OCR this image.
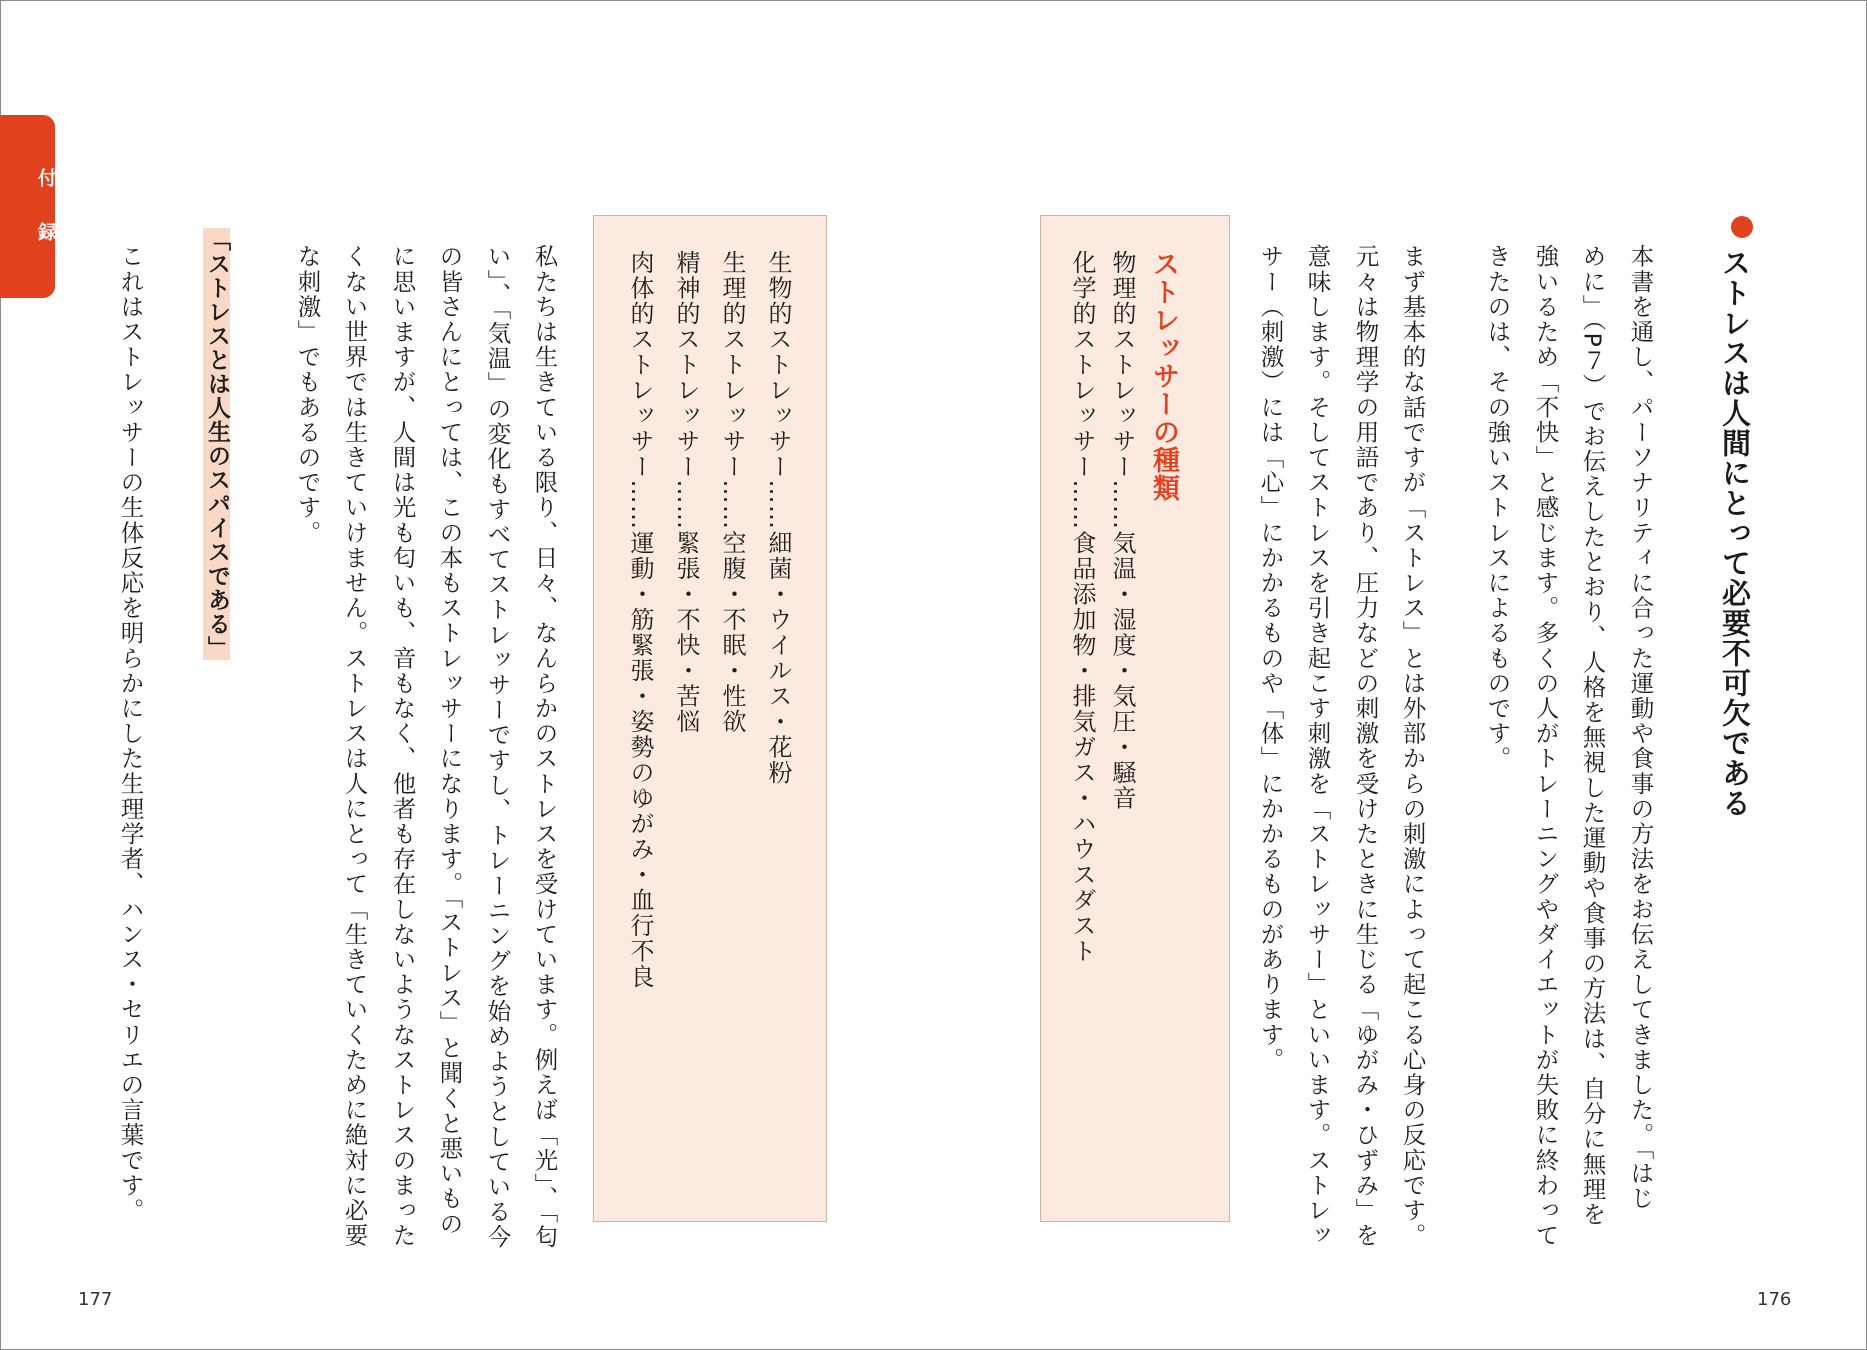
付
録
ストレスは人間にとって必要不可欠である
本書を通し、パーソナリティに合った運動や食事の方法をお伝えしてきました。「はじ
めに」（P７）でお伝えしたとおり、人格を無視した運動や食事の方法は、自分に無理を
強いるため「不快」と感じます。多くの人がトレーニングやダイエットが失敗に終わって
きたのは、その強いストレスによるものです。
まず基本的な話ですが「ストレス」とは外部からの刺激によって起こる心身の反応です。
元々は物理学の用語であり、圧力などの刺激を受けたときに生じる「ゆがみ・ひずみ」を
意味します。そしてストレスを引き起こす刺激を「ストレッサー」といいます。ストレッ
サー（刺激）には「心」にかかるものや「体」にかかるものがあります。
ストレッサーの種類
物理的ストレッサー……気温・湿度・気圧・騒音
化学的ストレッサー……食品添加物・排気ガス・ハウスダスト
176
生物的ストレッサー……細菌・ウイルス・花粉
生理的ストレッサー……空腹・不眠・性欲
精神的ストレッサー……緊張・不快・苦悩
肉体的ストレッサー……運動・筋緊張・姿勢のゆがみ・血行不良
私たちは生きている限り、日々、なんらかのストレスを受けています。例えば「光」、「匂
い」、「気温」の変化もすべてストレッサーですし、トレーニングを始めようとしている今
の皆さんにとっては、この本もストレッサーになります。「ストレス」と聞くと悪いもの
に思いますが、人間は光も匂いも、音もなく、他者も存在しないようなストレスのまった
くない世界では生きていけません。ストレスは人にとって「生きていくために絶対に必要
な刺激」でもあるのです。
「ストレスとは人生のスパイスである」
これはストレッサーの生体反応を明らかにした生理学者、ハンス・セリエの言葉です。
177
